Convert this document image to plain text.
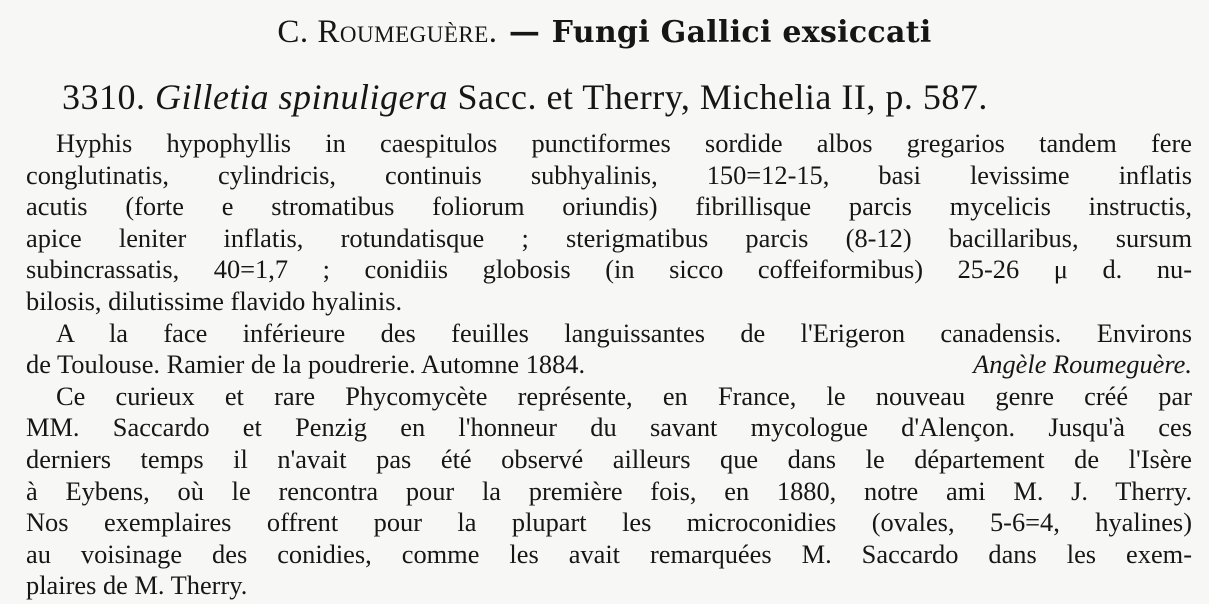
C. Roumeguère. — Fungi Gallici exsiccati
3310. Gilletia spinuligera Sacc. et Therry, Michelia II, p. 587.
Hyphis hypophyllis in caespitulos punctiformes sordide albos gregarios tandem fere
conglutinatis, cylindricis, continuis subhyalinis, 150=12-15, basi levissime inflatis
acutis (forte e stromatibus foliorum oriundis) fibrillisque parcis mycelicis instructis,
apice leniter inflatis, rotundatisque ; sterigmatibus parcis (8-12) bacillaribus, sursum
subincrassatis, 40=1,7 ; conidiis globosis (in sicco coffeiformibus) 25-26 μ d. nu-
bilosis, dilutissime flavido hyalinis.
A la face inférieure des feuilles languissantes de l'Erigeron canadensis. Environs
de Toulouse. Ramier de la poudrerie. Automne 1884.	Angèle Roumeguère.
Ce curieux et rare Phycomycète représente, en France, le nouveau genre créé par
MM. Saccardo et Penzig en l'honneur du savant mycologue d'Alençon. Jusqu'à ces
derniers temps il n'avait pas été observé ailleurs que dans le département de l'Isère
à Eybens, où le rencontra pour la première fois, en 1880, notre ami M. J. Therry.
Nos exemplaires offrent pour la plupart les microconidies (ovales, 5-6=4, hyalines)
au voisinage des conidies, comme les avait remarquées M. Saccardo dans les exem-
plaires de M. Therry.
